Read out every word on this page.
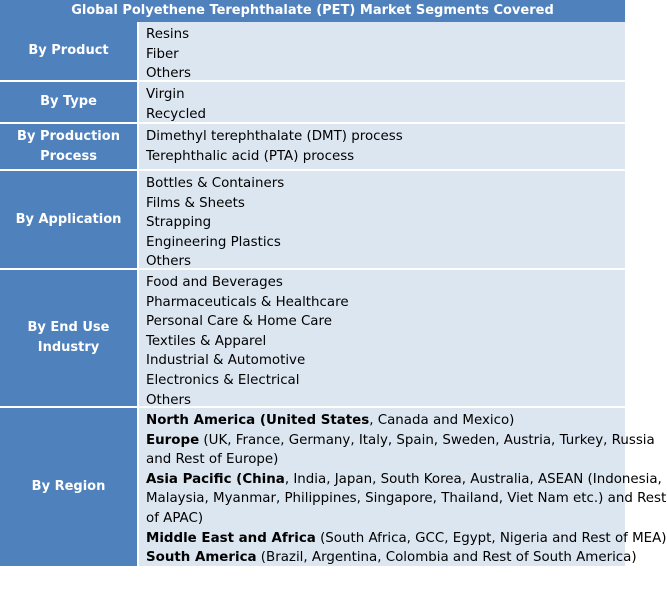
Global Polyethene Terephthalate (PET) Market Segments Covered
By Product
Resins
Fiber
Others
By Type	Virgin
Recycled
By Production Process
Dimethyl terephthalate (DMT) process
Terephthalic acid (PTA) process
By Application
Bottles & Containers
Films & Sheets
Strapping
Engineering Plastics
Others
By End Use Industry
Food and Beverages
Pharmaceuticals & Healthcare
Personal Care & Home Care
Textiles & Apparel
Industrial & Automotive
Electronics & Electrical
Others
By Region
North America (United States, Canada and Mexico)
Europe (UK, France, Germany, Italy, Spain, Sweden, Austria, Turkey, Russia
and Rest of Europe)
Asia Pacific (China, India, Japan, South Korea, Australia, ASEAN (Indonesia,
Malaysia, Myanmar, Philippines, Singapore, Thailand, Viet Nam etc.) and Rest
of APAC)
Middle East and Africa (South Africa, GCC, Egypt, Nigeria and Rest of MEA)
South America (Brazil, Argentina, Colombia and Rest of South America)
